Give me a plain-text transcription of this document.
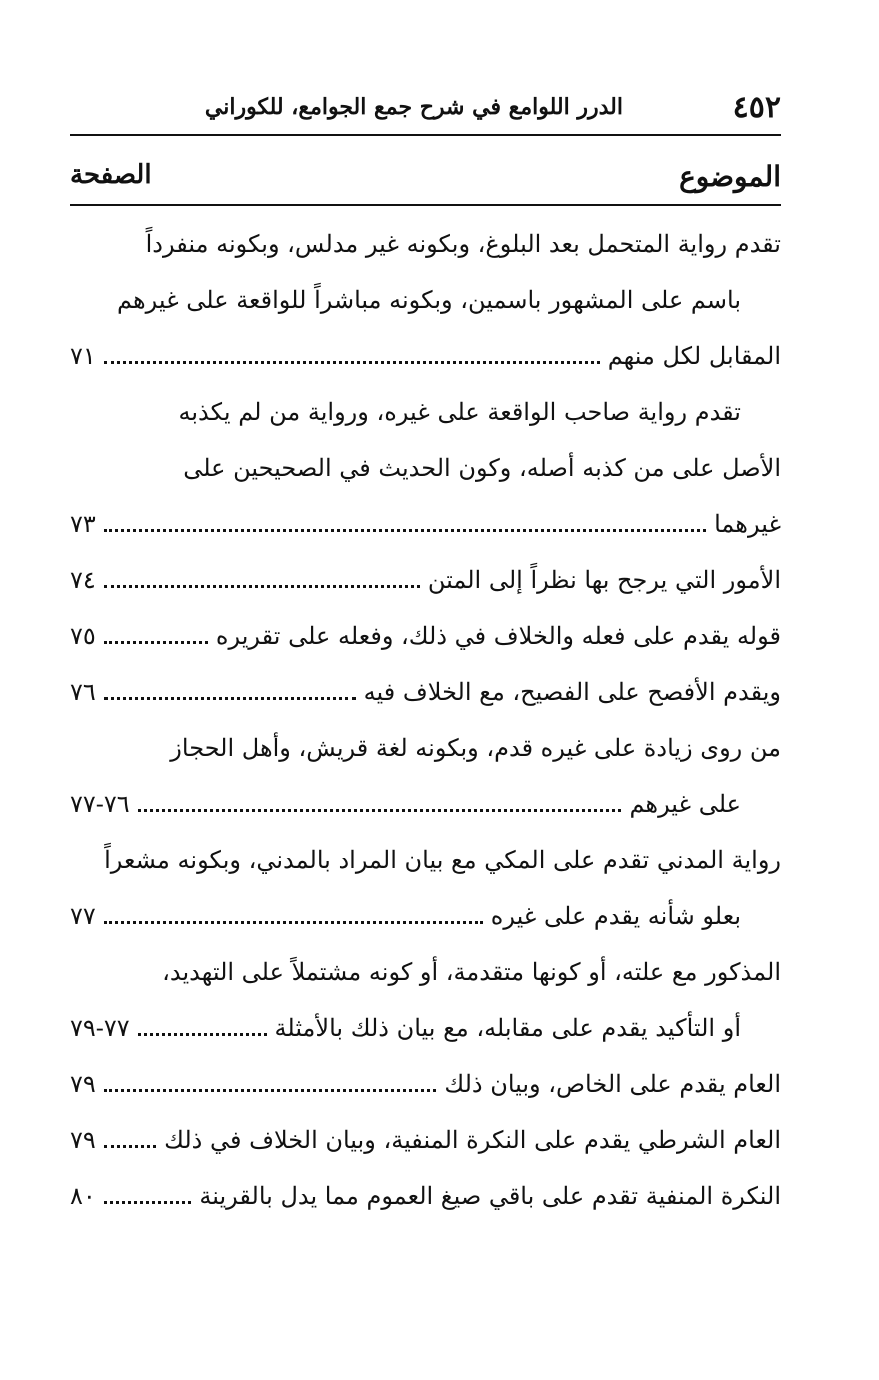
٤٥٢
الدرر اللوامع في شرح جمع الجوامع، للكوراني
الموضوع
الصفحة
تقدم رواية المتحمل بعد البلوغ، وبكونه غير مدلس، وبكونه منفرداً
باسم على المشهور باسمين، وبكونه مباشراً للواقعة على غيرهم
المقابل لكل منهم
٧١
تقدم رواية صاحب الواقعة على غيره، ورواية من لم يكذبه
الأصل على من كذبه أصله، وكون الحديث في الصحيحين على
غيرهما
٧٣
الأمور التي يرجح بها نظراً إلى المتن
٧٤
قوله يقدم على فعله والخلاف في ذلك، وفعله على تقريره
٧٥
ويقدم الأفصح على الفصيح، مع الخلاف فيه
٧٦
من روى زيادة على غيره قدم، وبكونه لغة قريش، وأهل الحجاز
على غيرهم
٧٦-٧٧
رواية المدني تقدم على المكي مع بيان المراد بالمدني، وبكونه مشعراً
بعلو شأنه يقدم على غيره
٧٧
المذكور مع علته، أو كونها متقدمة، أو كونه مشتملاً على التهديد،
أو التأكيد يقدم على مقابله، مع بيان ذلك بالأمثلة
٧٧-٧٩
العام يقدم على الخاص، وبيان ذلك
٧٩
العام الشرطي يقدم على النكرة المنفية، وبيان الخلاف في ذلك
٧٩
النكرة المنفية تقدم على باقي صيغ العموم مما يدل بالقرينة
٨٠
